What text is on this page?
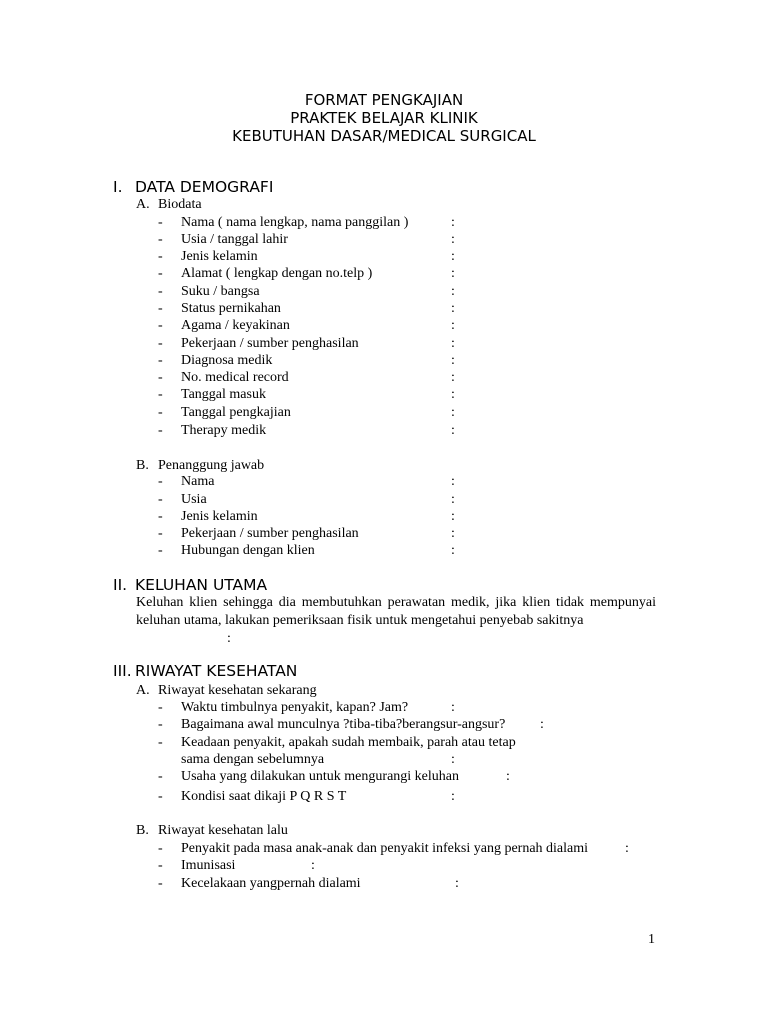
FORMAT PENGKAJIAN
PRAKTEK BELAJAR KLINIK
KEBUTUHAN DASAR/MEDICAL SURGICAL
I. DATA DEMOGRAFI
A. Biodata
- Nama ( nama lengkap, nama panggilan )	:
- Usia / tanggal lahir	:
- Jenis kelamin	:
- Alamat ( lengkap dengan no.telp )	:
- Suku / bangsa	:
- Status pernikahan	:
- Agama / keyakinan	:
- Pekerjaan / sumber penghasilan	:
- Diagnosa medik	:
- No. medical record	:
- Tanggal masuk	:
- Tanggal pengkajian	:
- Therapy medik	:
B. Penanggung jawab
- Nama	:
- Usia	:
- Jenis kelamin	:
- Pekerjaan / sumber penghasilan	:
- Hubungan dengan klien	:
II. KELUHAN UTAMA
Keluhan klien sehingga dia membutuhkan perawatan medik, jika klien tidak mempunyai keluhan utama, lakukan pemeriksaan fisik untuk mengetahui penyebab sakitnya
:
III. RIWAYAT KESEHATAN
A. Riwayat kesehatan sekarang
- Waktu timbulnya penyakit, kapan? Jam?	:
- Bagaimana awal munculnya ?tiba-tiba?berangsur-angsur? :
- Keadaan penyakit, apakah sudah membaik, parah atau tetap
sama dengan sebelumnya	:
- Usaha yang dilakukan untuk mengurangi keluhan	:
- Kondisi saat dikaji P Q R S T	:
B. Riwayat kesehatan lalu
- Penyakit pada masa anak-anak dan penyakit infeksi yang pernah dialami	:
- Imunisasi	:
- Kecelakaan yangpernah dialami	:
1
